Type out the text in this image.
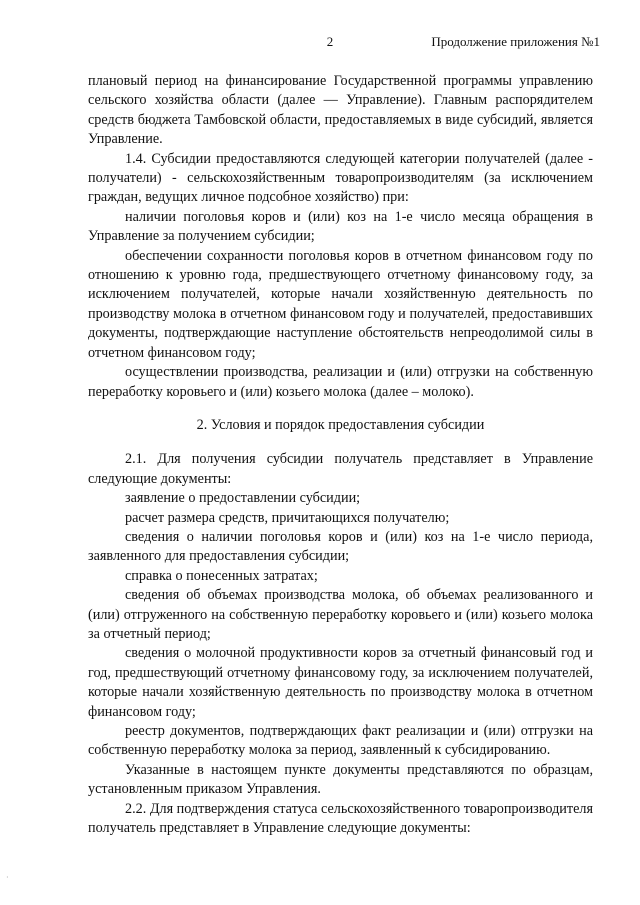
2	Продолжение приложения №1

плановый период на финансирование Государственной программы управлению сельского хозяйства области (далее — Управление). Главным распорядителем средств бюджета Тамбовской области, предоставляемых в виде субсидий, является Управление.

1.4. Субсидии предоставляются следующей категории получателей (далее - получатели) - сельскохозяйственным товаропроизводителям (за исключением граждан, ведущих личное подсобное хозяйство) при:

наличии поголовья коров и (или) коз на 1-е число месяца обращения в Управление за получением субсидии;

обеспечении сохранности поголовья коров в отчетном финансовом году по отношению к уровню года, предшествующего отчетному финансовому году, за исключением получателей, которые начали хозяйственную деятельность по производству молока в отчетном финансовом году и получателей, предоставивших документы, подтверждающие наступление обстоятельств непреодолимой силы в отчетном финансовом году;

осуществлении производства, реализации и (или) отгрузки на собственную переработку коровьего и (или) козьего молока (далее – молоко).

2. Условия и порядок предоставления субсидии

2.1. Для получения субсидии получатель представляет в Управление следующие документы:

заявление о предоставлении субсидии;

расчет размера средств, причитающихся получателю;

сведения о наличии поголовья коров и (или) коз на 1-е число периода, заявленного для предоставления субсидии;

справка о понесенных затратах;

сведения об объемах производства молока, об объемах реализованного и (или) отгруженного на собственную переработку коровьего и (или) козьего молока за отчетный период;

сведения о молочной продуктивности коров за отчетный финансовый год и год, предшествующий отчетному финансовому году, за исключением получателей, которые начали хозяйственную деятельность по производству молока в отчетном финансовом году;

реестр документов, подтверждающих факт реализации и (или) отгрузки на собственную переработку молока за период, заявленный к субсидированию.

Указанные в настоящем пункте документы представляются по образцам, установленным приказом Управления.

2.2. Для подтверждения статуса сельскохозяйственного товаропроизводителя получатель представляет в Управление следующие документы:

·
